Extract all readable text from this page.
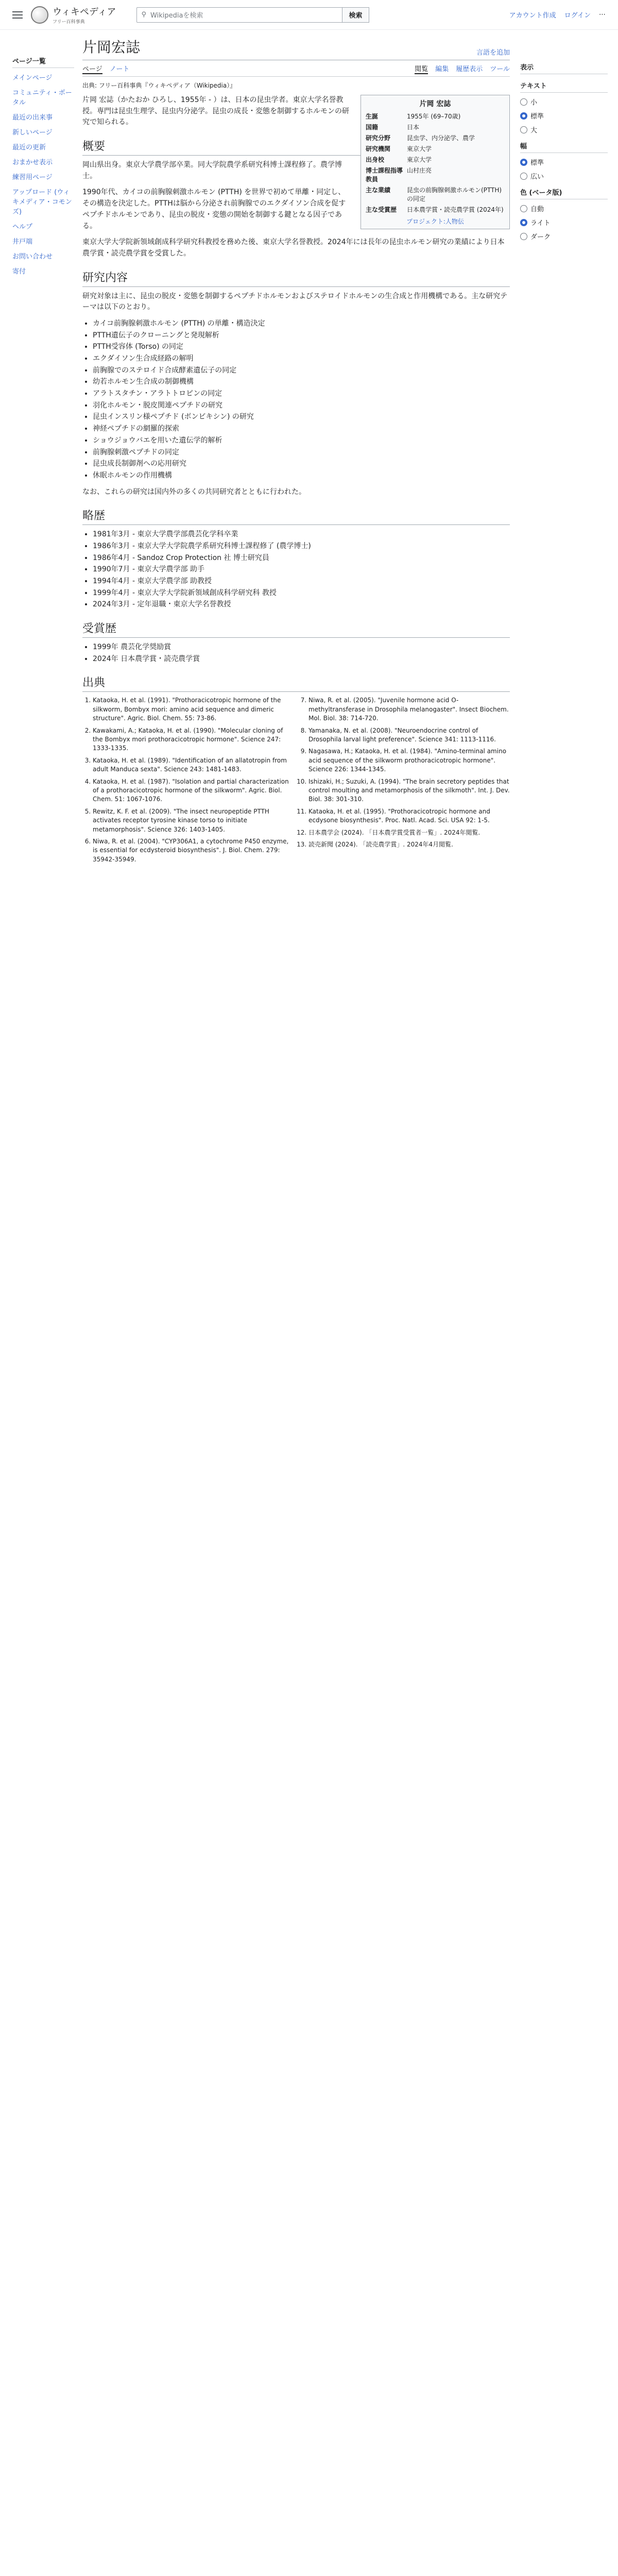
ウィキペディア
フリー百科事典
⚲ Wikipediaを検索	検索	アカウント作成 ログイン ⋯
ページ一覧
メインページ
コミュニティ・ポータル
最近の出来事
新しいページ
最近の更新
おまかせ表示
練習用ページ
アップロード (ウィキメディア・コモンズ)
ヘルプ
井戸端
お問い合わせ
寄付
表示
テキスト
小
標準
大
幅
標準
広い
色 (ベータ版)
自動
ライト
ダーク
片岡宏誌	言語を追加
ページ ノート	閲覧 編集 履歴表示 ツール
出典: フリー百科事典『ウィキペディア（Wikipedia）』
片岡 宏誌
生誕	1955年 (69–70歳)
国籍	日本
研究分野	昆虫学、内分泌学、農学
研究機関	東京大学
出身校	東京大学
博士課程指導教員	山村庄亮
主な業績	昆虫の前胸腺刺激ホルモン(PTTH)の同定
主な受賞歴	日本農学賞・読売農学賞 (2024年)
プロジェクト:人物伝

片岡 宏誌（かたおか ひろし、1955年 - ）は、日本の昆虫学者。東京大学名誉教授。専門は昆虫生理学、昆虫内分泌学。昆虫の成長・変態を制御するホルモンの研究で知られる。

概要

岡山県出身。東京大学農学部卒業。同大学院農学系研究科博士課程修了。農学博士。

1990年代、カイコの前胸腺刺激ホルモン (PTTH) を世界で初めて単離・同定し、その構造を決定した。PTTHは脳から分泌され前胸腺でのエクダイソン合成を促すペプチドホルモンであり、昆虫の脱皮・変態の開始を制御する鍵となる因子である。

東京大学大学院新領域創成科学研究科教授を務めた後、東京大学名誉教授。2024年には長年の昆虫ホルモン研究の業績により日本農学賞・読売農学賞を受賞した。

研究内容

研究対象は主に、昆虫の脱皮・変態を制御するペプチドホルモンおよびステロイドホルモンの生合成と作用機構である。主な研究テーマは以下のとおり。

• カイコ前胸腺刺激ホルモン (PTTH) の単離・構造決定
• PTTH遺伝子のクローニングと発現解析
• PTTH受容体 (Torso) の同定
• エクダイソン生合成経路の解明
• 前胸腺でのステロイド合成酵素遺伝子の同定
• 幼若ホルモン生合成の制御機構
• アラトスタチン・アラトトロピンの同定
• 羽化ホルモン・脱皮関連ペプチドの研究
• 昆虫インスリン様ペプチド (ボンビキシン) の研究
• 神経ペプチドの網羅的探索
• ショウジョウバエを用いた遺伝学的解析
• 前胸腺刺激ペプチドの同定
• 昆虫成長制御剤への応用研究
• 休眠ホルモンの作用機構

なお、これらの研究は国内外の多くの共同研究者とともに行われた。

略歴
• 1981年3月 - 東京大学農学部農芸化学科卒業
• 1986年3月 - 東京大学大学院農学系研究科博士課程修了 (農学博士)
• 1986年4月 - Sandoz Crop Protection 社 博士研究員
• 1990年7月 - 東京大学農学部 助手
• 1994年4月 - 東京大学農学部 助教授
• 1999年4月 - 東京大学大学院新領域創成科学研究科 教授
• 2024年3月 - 定年退職・東京大学名誉教授
受賞歴
• 1999年 農芸化学奨励賞
• 2024年 日本農学賞・読売農学賞
出典
1. Kataoka, H. et al. (1991). "Prothoracicotropic hormone of the silkworm, Bombyx mori: amino acid sequence and dimeric structure". Agric. Biol. Chem. 55: 73-86.
2. Kawakami, A.; Kataoka, H. et al. (1990). "Molecular cloning of the Bombyx mori prothoracicotropic hormone". Science 247: 1333-1335.
3. Kataoka, H. et al. (1989). "Identification of an allatotropin from adult Manduca sexta". Science 243: 1481-1483.
4. Kataoka, H. et al. (1987). "Isolation and partial characterization of a prothoracicotropic hormone of the silkworm". Agric. Biol. Chem. 51: 1067-1076.
5. Rewitz, K. F. et al. (2009). "The insect neuropeptide PTTH activates receptor tyrosine kinase torso to initiate metamorphosis". Science 326: 1403-1405.
6. Niwa, R. et al. (2004). "CYP306A1, a cytochrome P450 enzyme, is essential for ecdysteroid biosynthesis". J. Biol. Chem. 279: 35942-35949.
7. Niwa, R. et al. (2005). "Juvenile hormone acid O-methyltransferase in Drosophila melanogaster". Insect Biochem. Mol. Biol. 38: 714-720.
8. Yamanaka, N. et al. (2008). "Neuroendocrine control of Drosophila larval light preference". Science 341: 1113-1116.
9. Nagasawa, H.; Kataoka, H. et al. (1984). "Amino-terminal amino acid sequence of the silkworm prothoracicotropic hormone". Science 226: 1344-1345.
10. Ishizaki, H.; Suzuki, A. (1994). "The brain secretory peptides that control moulting and metamorphosis of the silkmoth". Int. J. Dev. Biol. 38: 301-310.
11. Kataoka, H. et al. (1995). "Prothoracicotropic hormone and ecdysone biosynthesis". Proc. Natl. Acad. Sci. USA 92: 1-5.
12. 日本農学会 (2024). 「日本農学賞受賞者一覧」. 2024年閲覧.
13. 読売新聞 (2024). 「読売農学賞」. 2024年4月閲覧.
